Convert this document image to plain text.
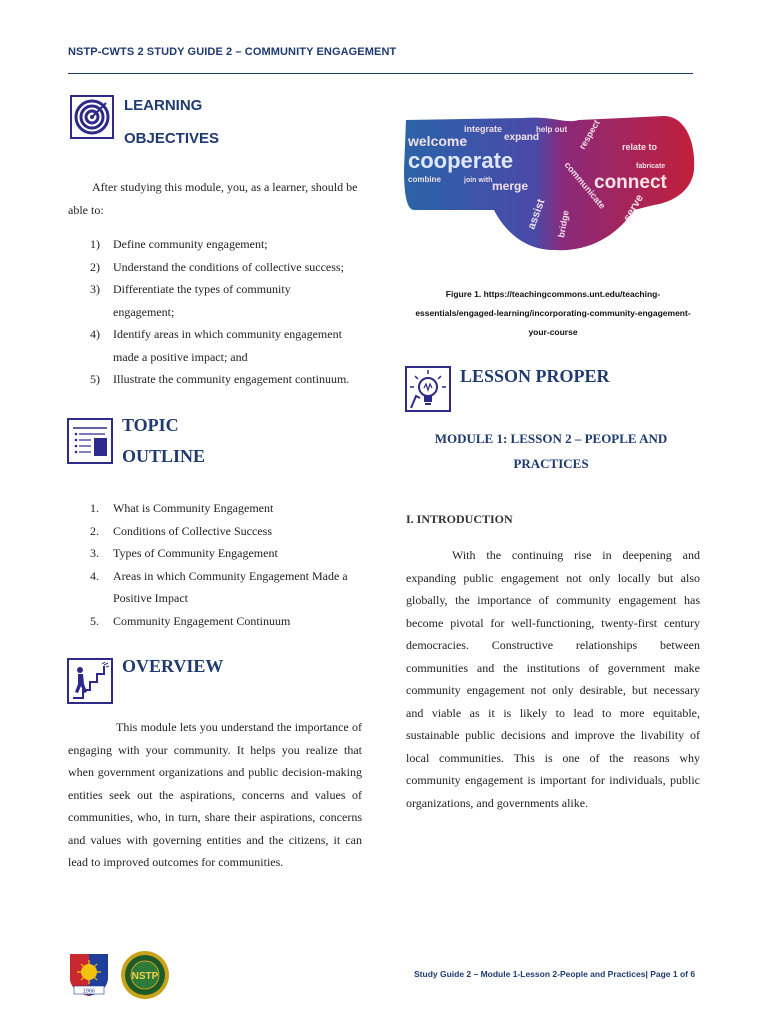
NSTP-CWTS 2 STUDY GUIDE 2 – COMMUNITY ENGAGEMENT
LEARNING
OBJECTIVES
After studying this module, you, as a learner, should be able to:
1) Define community engagement;
2) Understand the conditions of collective success;
3) Differentiate the types of community engagement;
4) Identify areas in which community engagement made a positive impact; and
5) Illustrate the community engagement continuum.
TOPIC
OUTLINE
1. What is Community Engagement
2. Conditions of Collective Success
3. Types of Community Engagement
4. Areas in which Community Engagement Made a Positive Impact
5. Community Engagement Continuum
OVERVIEW
This module lets you understand the importance of engaging with your community. It helps you realize that when government organizations and public decision-making entities seek out the aspirations, concerns and values of communities, who, in turn, share their aspirations, concerns and values with governing entities and the citizens, it can lead to improved outcomes for communities.
welcome
cooperate
integrate
expand
combine	join with merge
assist
communicate
relate to
connect
serve
respect
fabricate
bridge
help out
Figure 1. https://teachingcommons.unt.edu/teaching-essentials/engaged-learning/incorporating-community-engagement-your-course
LESSON PROPER
MODULE 1: LESSON 2 – PEOPLE AND PRACTICES
I. INTRODUCTION
With the continuing rise in deepening and expanding public engagement not only locally but also globally, the importance of community engagement has become pivotal for well-functioning, twenty-first century democracies. Constructive relationships between communities and the institutions of government make community engagement not only desirable, but necessary and viable as it is likely to lead to more equitable, sustainable public decisions and improve the livability of local communities. This is one of the reasons why community engagement is important for individuals, public organizations, and governments alike.
1966
NSTP	Study Guide 2 – Module 1-Lesson 2-People and Practices| Page 1 of 6
